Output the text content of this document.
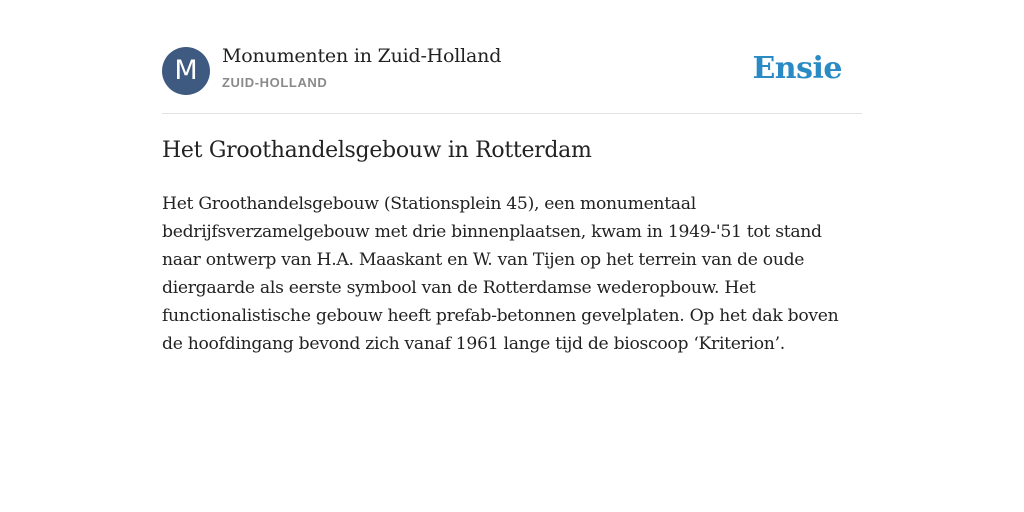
M	Monumenten in Zuid-Holland
ZUID-HOLLAND	Ensie
Het Groothandelsgebouw in Rotterdam
Het Groothandelsgebouw (Stationsplein 45), een monumentaal bedrijfsverzamelgebouw met drie binnenplaatsen, kwam in 1949-'51 tot stand naar ontwerp van H.A. Maaskant en W. van Tijen op het terrein van de oude diergaarde als eerste symbool van de Rotterdamse wederopbouw. Het functionalistische gebouw heeft prefab-betonnen gevelplaten. Op het dak boven de hoofdingang bevond zich vanaf 1961 lange tijd de bioscoop ‘Kriterion’.
